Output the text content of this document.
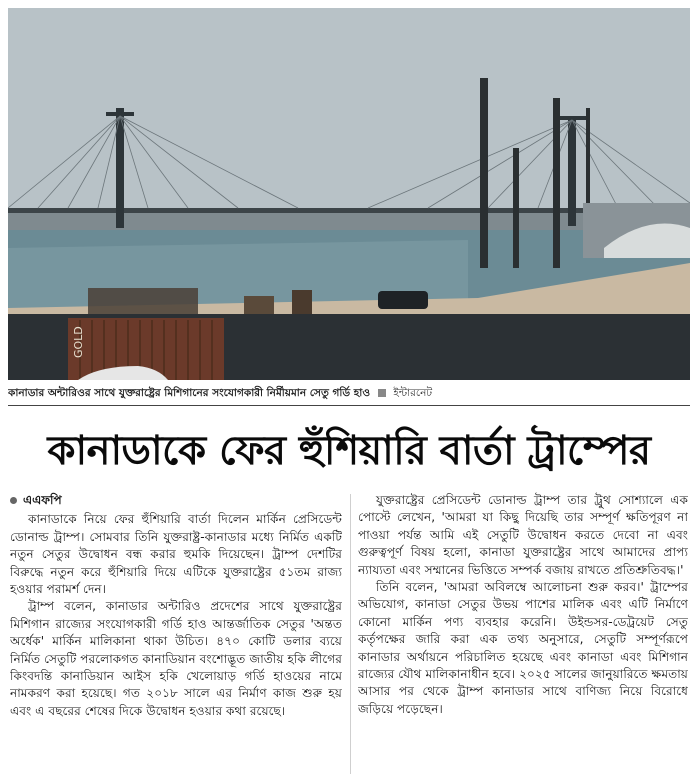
GOLD
কানাডার অন্টারিওর সাথে যুক্তরাষ্ট্রের মিশিগানের সংযোগকারী নির্মীয়মান সেতু গর্ডি হাও ইন্টারনেট
কানাডাকে ফের হুঁশিয়ারি বার্তা ট্রাম্পের
এএফপি

কানাডাকে নিয়ে ফের হুঁশিয়ারি বার্তা দিলেন মার্কিন প্রেসিডেন্ট ডোনাল্ড ট্রাম্প। সোমবার তিনি যুক্তরাষ্ট্র-কানাডার মধ্যে নির্মিত একটি নতুন সেতুর উদ্বোধন বন্ধ করার হুমকি দিয়েছেন। ট্রাম্প দেশটির বিরুদ্ধে নতুন করে হুঁশিয়ারি দিয়ে এটিকে যুক্তরাষ্ট্রের ৫১তম রাজ্য হওয়ার পরামর্শ দেন।

ট্রাম্প বলেন, কানাডার অন্টারিও প্রদেশের সাথে যুক্তরাষ্ট্রের মিশিগান রাজ্যের সংযোগকারী গর্ডি হাও আন্তর্জাতিক সেতুর 'অন্তত অর্ধেক' মার্কিন মালিকানা থাকা উচিত। ৪৭০ কোটি ডলার ব্যয়ে নির্মিত সেতুটি পরলোকগত কানাডিয়ান বংশোদ্ভূত জাতীয় হকি লীগের কিংবদন্তি কানাডিয়ান আইস হকি খেলোয়াড় গর্ডি হাওয়ের নামে নামকরণ করা হয়েছে। গত ২০১৮ সালে এর নির্মাণ কাজ শুরু হয় এবং এ বছরের শেষের দিকে উদ্বোধন হওয়ার কথা রয়েছে।

যুক্তরাষ্ট্রের প্রেসিডেন্ট ডোনাল্ড ট্রাম্প তার ট্রুথ সোশ্যালে এক পোস্টে লেখেন, 'আমরা যা কিছু দিয়েছি তার সম্পূর্ণ ক্ষতিপূরণ না পাওয়া পর্যন্ত আমি এই সেতুটি উদ্বোধন করতে দেবো না এবং গুরুত্বপূর্ণ বিষয় হলো, কানাডা যুক্তরাষ্ট্রের সাথে আমাদের প্রাপ্য ন্যায্যতা এবং সম্মানের ভিত্তিতে সম্পর্ক বজায় রাখতে প্রতিশ্রুতিবদ্ধ।'

তিনি বলেন, 'আমরা অবিলম্বে আলোচনা শুরু করব।' ট্রাম্পের অভিযোগ, কানাডা সেতুর উভয় পাশের মালিক এবং এটি নির্মাণে কোনো মার্কিন পণ্য ব্যবহার করেনি। উইন্ডসর-ডেট্রয়েট সেতু কর্তৃপক্ষের জারি করা এক তথ্য অনুসারে, সেতুটি সম্পূর্ণরূপে কানাডার অর্থায়নে পরিচালিত হয়েছে এবং কানাডা এবং মিশিগান রাজ্যের যৌথ মালিকানাধীন হবে। ২০২৫ সালের জানুয়ারিতে ক্ষমতায় আসার পর থেকে ট্রাম্প কানাডার সাথে বাণিজ্য নিয়ে বিরোধে জড়িয়ে পড়েছেন।
